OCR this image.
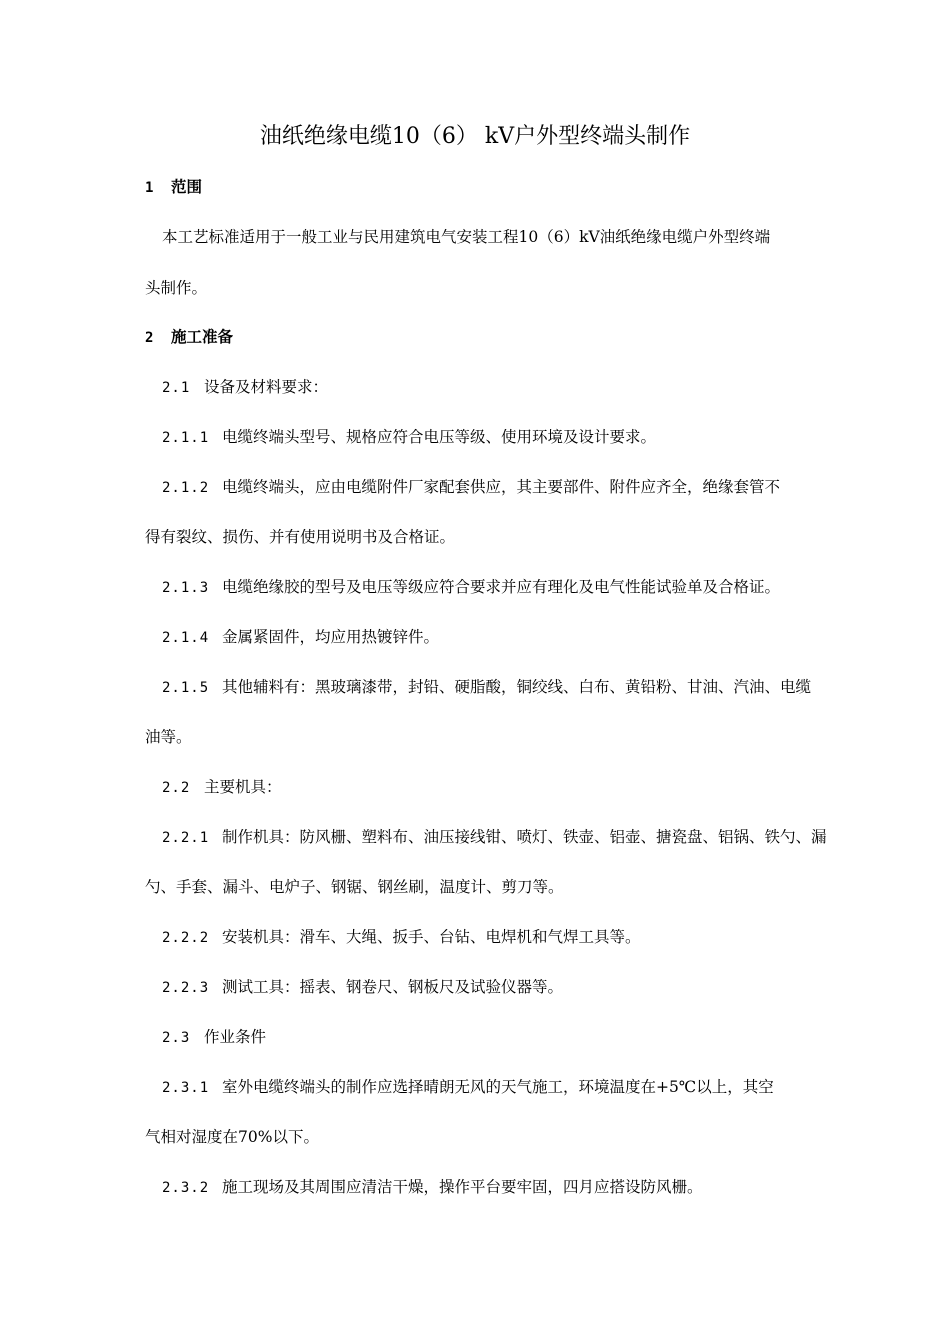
油纸绝缘电缆10（6） kV户外型终端头制作
1 范围
本工艺标准适用于一般工业与民用建筑电气安装工程10（6）kV油纸绝缘电缆户外型终端
头制作。
2 施工准备
2.1 设备及材料要求：
2.1.1 电缆终端头型号、规格应符合电压等级、使用环境及设计要求。
2.1.2 电缆终端头，应由电缆附件厂家配套供应，其主要部件、附件应齐全，绝缘套管不
得有裂纹、损伤、并有使用说明书及合格证。
2.1.3 电缆绝缘胶的型号及电压等级应符合要求并应有理化及电气性能试验单及合格证。
2.1.4 金属紧固件，均应用热镀锌件。
2.1.5 其他辅料有：黑玻璃漆带，封铅、硬脂酸，铜绞线、白布、黄铅粉、甘油、汽油、电缆
油等。
2.2 主要机具：
2.2.1 制作机具：防风栅、塑料布、油压接线钳、喷灯、铁壶、铝壶、搪瓷盘、铝锅、铁勺、漏
勺、手套、漏斗、电炉子、钢锯、钢丝刷，温度计、剪刀等。
2.2.2 安装机具：滑车、大绳、扳手、台钻、电焊机和气焊工具等。
2.2.3 测试工具：摇表、钢卷尺、钢板尺及试验仪器等。
2.3 作业条件
2.3.1 室外电缆终端头的制作应选择晴朗无风的天气施工，环境温度在+5℃以上，其空
气相对湿度在70%以下。
2.3.2 施工现场及其周围应清洁干燥，操作平台要牢固，四月应搭设防风栅。
